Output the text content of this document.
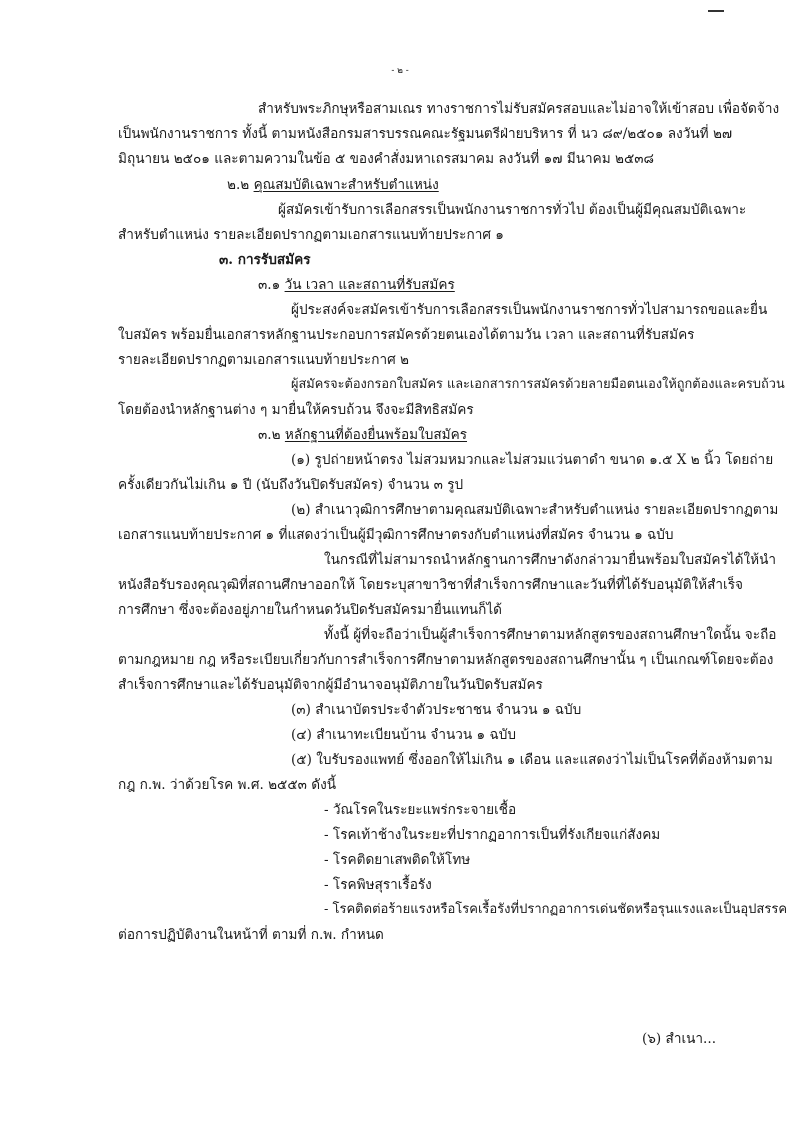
- ๒ -
สำหรับพระภิกษุหรือสามเณร ทางราชการไม่รับสมัครสอบและไม่อาจให้เข้าสอบ เพื่อจัดจ้าง
เป็นพนักงานราชการ ทั้งนี้ ตามหนังสือกรมสารบรรณคณะรัฐมนตรีฝ่ายบริหาร ที่ นว ๘๙/๒๕๐๑ ลงวันที่ ๒๗
มิถุนายน ๒๕๐๑ และตามความในข้อ ๕ ของคำสั่งมหาเถรสมาคม ลงวันที่ ๑๗ มีนาคม ๒๕๓๘
๒.๒ คุณสมบัติเฉพาะสำหรับตำแหน่ง
ผู้สมัครเข้ารับการเลือกสรรเป็นพนักงานราชการทั่วไป ต้องเป็นผู้มีคุณสมบัติเฉพาะ
สำหรับตำแหน่ง รายละเอียดปรากฏตามเอกสารแนบท้ายประกาศ ๑
๓. การรับสมัคร
๓.๑ วัน เวลา และสถานที่รับสมัคร
ผู้ประสงค์จะสมัครเข้ารับการเลือกสรรเป็นพนักงานราชการทั่วไปสามารถขอและยื่น
ใบสมัคร พร้อมยื่นเอกสารหลักฐานประกอบการสมัครด้วยตนเองได้ตามวัน เวลา และสถานที่รับสมัคร
รายละเอียดปรากฏตามเอกสารแนบท้ายประกาศ ๒
ผู้สมัครจะต้องกรอกใบสมัคร และเอกสารการสมัครด้วยลายมือตนเองให้ถูกต้องและครบถ้วน
โดยต้องนำหลักฐานต่าง ๆ มายื่นให้ครบถ้วน จึงจะมีสิทธิสมัคร
๓.๒ หลักฐานที่ต้องยื่นพร้อมใบสมัคร
(๑) รูปถ่ายหน้าตรง ไม่สวมหมวกและไม่สวมแว่นตาดำ ขนาด ๑.๕ X ๒ นิ้ว โดยถ่าย
ครั้งเดียวกันไม่เกิน ๑ ปี (นับถึงวันปิดรับสมัคร) จำนวน ๓ รูป
(๒) สำเนาวุฒิการศึกษาตามคุณสมบัติเฉพาะสำหรับตำแหน่ง รายละเอียดปรากฏตาม
เอกสารแนบท้ายประกาศ ๑ ที่แสดงว่าเป็นผู้มีวุฒิการศึกษาตรงกับตำแหน่งที่สมัคร จำนวน ๑ ฉบับ
ในกรณีที่ไม่สามารถนำหลักฐานการศึกษาดังกล่าวมายื่นพร้อมใบสมัครได้ให้นำ
หนังสือรับรองคุณวุฒิที่สถานศึกษาออกให้ โดยระบุสาขาวิชาที่สำเร็จการศึกษาและวันที่ที่ได้รับอนุมัติให้สำเร็จ
การศึกษา ซึ่งจะต้องอยู่ภายในกำหนดวันปิดรับสมัครมายื่นแทนก็ได้
ทั้งนี้ ผู้ที่จะถือว่าเป็นผู้สำเร็จการศึกษาตามหลักสูตรของสถานศึกษาใดนั้น จะถือ
ตามกฎหมาย กฎ หรือระเบียบเกี่ยวกับการสำเร็จการศึกษาตามหลักสูตรของสถานศึกษานั้น ๆ เป็นเกณฑ์โดยจะต้อง
สำเร็จการศึกษาและได้รับอนุมัติจากผู้มีอำนาจอนุมัติภายในวันปิดรับสมัคร
(๓) สำเนาบัตรประจำตัวประชาชน จำนวน ๑ ฉบับ
(๔) สำเนาทะเบียนบ้าน จำนวน ๑ ฉบับ
(๕) ใบรับรองแพทย์ ซึ่งออกให้ไม่เกิน ๑ เดือน และแสดงว่าไม่เป็นโรคที่ต้องห้ามตาม
กฎ ก.พ. ว่าด้วยโรค พ.ศ. ๒๕๕๓ ดังนี้
- วัณโรคในระยะแพร่กระจายเชื้อ
- โรคเท้าช้างในระยะที่ปรากฏอาการเป็นที่รังเกียจแก่สังคม
- โรคติดยาเสพติดให้โทษ
- โรคพิษสุราเรื้อรัง
- โรคติดต่อร้ายแรงหรือโรคเรื้อรังที่ปรากฏอาการเด่นชัดหรือรุนแรงและเป็นอุปสรรค
ต่อการปฏิบัติงานในหน้าที่ ตามที่ ก.พ. กำหนด
(๖) สำเนา...
